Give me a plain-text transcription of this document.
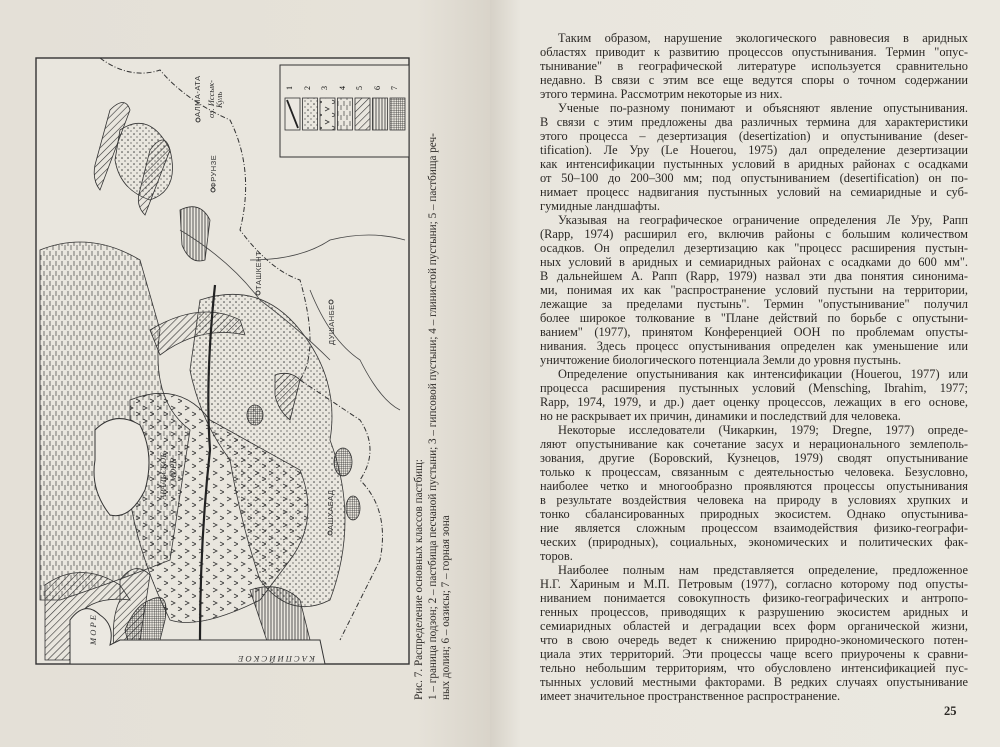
1 2 3 4 5 6 7
АЛМА-АТА оз. Иссык-
Куль
ФРУНЗЕ
ТАШКЕНТ
ДУШАНБЕ
АШХАБАД
АРАЛЬСКОЕ МОРЕ
К А С П И Й С К О Е
М О Р Е	Рис. 7. Распределение основных классов пастбищ: 1 – граница подзон; 2 – пастбища песчаной пустыни; 3 – гипсовой пустыни; 4 – глинистой пустыни; 5 – пастбища реч- ных долин; 6 – оазисы; 7 – горная зона
Таким образом, нарушение экологического равновесия в аридных
областях приводит к развитию процессов опустынивания. Термин "опус-
тынивание" в географической литературе используется сравнительно
недавно. В связи с этим все еще ведутся споры о точном содержании
этого термина. Рассмотрим некоторые из них.
Ученые по-разному понимают и объясняют явление опустынивания.
В связи с этим предложены два различных термина для характеристики
этого процесса – дезертизация (desertization) и опустынивание (deser-
tification). Ле Уру (Le Houerou, 1975) дал определение дезертизации
как интенсификации пустынных условий в аридных районах с осадками
от 50–100 до 200–300 мм; под опустыниванием (desertification) он по-
нимает процесс надвигания пустынных условий на семиаридные и суб-
гумидные ландшафты.
Указывая на географическое ограничение определения Ле Уру, Рапп
(Rapp, 1974) расширил его, включив районы с большим количеством
осадков. Он определил дезертизацию как "процесс расширения пустын-
ных условий в аридных и семиаридных районах с осадками до 600 мм".
В дальнейшем А. Рапп (Rapp, 1979) назвал эти два понятия синонима-
ми, понимая их как "распространение условий пустыни на территории,
лежащие за пределами пустынь". Термин "опустынивание" получил
более широкое толкование в "Плане действий по борьбе с опустыни-
ванием" (1977), принятом Конференцией ООН по проблемам опусты-
нивания. Здесь процесс опустынивания определен как уменьшение или
уничтожение биологического потенциала Земли до уровня пустынь.
Определение опустынивания как интенсификации (Houerou, 1977) или
процесса расширения пустынных условий (Mensching, Ibrahim, 1977;
Rapp, 1974, 1979, и др.) дает оценку процессов, лежащих в его основе,
но не раскрывает их причин, динамики и последствий для человека.
Некоторые исследователи (Чикаркин, 1979; Dregne, 1977) опреде-
ляют опустынивание как сочетание засух и нерационального землеполь-
зования, другие (Боровский, Кузнецов, 1979) сводят опустынивание
только к процессам, связанным с деятельностью человека. Безусловно,
наиболее четко и многообразно проявляются процессы опустынивания
в результате воздействия человека на природу в условиях хрупких и
тонко сбалансированных природных экосистем. Однако опустынива-
ние является сложным процессом взаимодействия физико-географи-
ческих (природных), социальных, экономических и политических фак-
торов.
Наиболее полным нам представляется определение, предложенное
Н.Г. Хариным и М.П. Петровым (1977), согласно которому под опусты-
ниванием понимается совокупность физико-географических и антропо-
генных процессов, приводящих к разрушению экосистем аридных и
семиаридных областей и деградации всех форм органической жизни,
что в свою очередь ведет к снижению природно-экономического потен-
циала этих территорий. Эти процессы чаще всего приурочены к сравни-
тельно небольшим территориям, что обусловлено интенсификацией пус-
тынных условий местными факторами. В редких случаях опустынивание
имеет значительное пространственное распространение.
25
